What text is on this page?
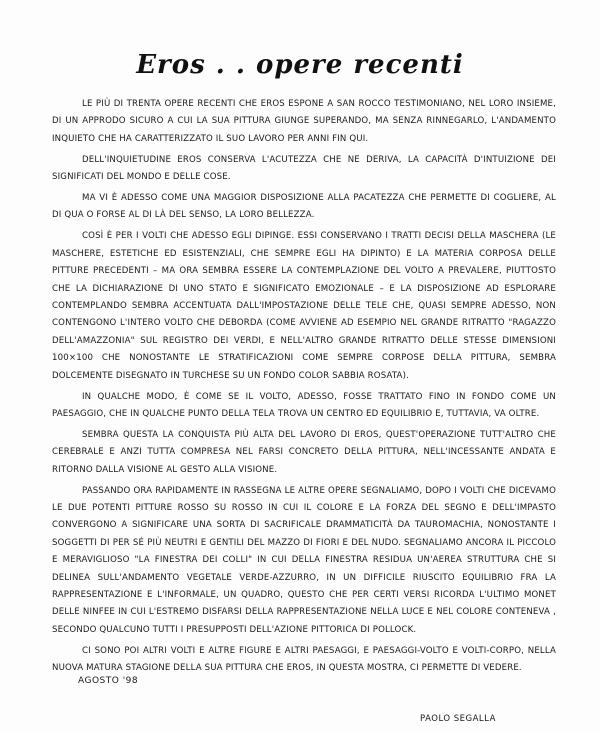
Eros . . opere recenti

LE PIÙ DI TRENTA OPERE RECENTI CHE EROS ESPONE A SAN ROCCO TESTIMONIANO, NEL LORO INSIEME, DI UN APPRODO SICURO A CUI LA SUA PITTURA GIUNGE SUPERANDO, MA SENZA RINNEGARLO, L'ANDAMENTO INQUIETO CHE HA CARATTERIZZATO IL SUO LAVORO PER ANNI FIN QUI.

DELL'INQUIETUDINE EROS CONSERVA L'ACUTEZZA CHE NE DERIVA, LA CAPACITÀ D'INTUIZIONE DEI SIGNIFICATI DEL MONDO E DELLE COSE.

MA VI È ADESSO COME UNA MAGGIOR DISPOSIZIONE ALLA PACATEZZA CHE PERMETTE DI COGLIERE, AL DI QUA O FORSE AL DI LÀ DEL SENSO, LA LORO BELLEZZA.

COSÌ È PER I VOLTI CHE ADESSO EGLI DIPINGE. ESSI CONSERVANO I TRATTI DECISI DELLA MASCHERA (LE MASCHERE, ESTETICHE ED ESISTENZIALI, CHE SEMPRE EGLI HA DIPINTO) E LA MATERIA CORPOSA DELLE PITTURE PRECEDENTI – MA ORA SEMBRA ESSERE LA CONTEMPLAZIONE DEL VOLTO A PREVALERE, PIUTTOSTO CHE LA DICHIARAZIONE DI UNO STATO E SIGNIFICATO EMOZIONALE – E LA DISPOSIZIONE AD ESPLORARE CONTEMPLANDO SEMBRA ACCENTUATA DALL'IMPOSTAZIONE DELLE TELE CHE, QUASI SEMPRE ADESSO, NON CONTENGONO L'INTERO VOLTO CHE DEBORDA (COME AVVIENE AD ESEMPIO NEL GRANDE RITRATTO "RAGAZZO DELL'AMAZZONIA" SUL REGISTRO DEI VERDI, E NELL'ALTRO GRANDE RITRATTO DELLE STESSE DIMENSIONI 100×100 CHE NONOSTANTE LE STRATIFICAZIONI COME SEMPRE CORPOSE DELLA PITTURA, SEMBRA DOLCEMENTE DISEGNATO IN TURCHESE SU UN FONDO COLOR SABBIA ROSATA).

IN QUALCHE MODO, È COME SE IL VOLTO, ADESSO, FOSSE TRATTATO FINO IN FONDO COME UN PAESAGGIO, CHE IN QUALCHE PUNTO DELLA TELA TROVA UN CENTRO ED EQUILIBRIO E, TUTTAVIA, VA OLTRE.

SEMBRA QUESTA LA CONQUISTA PIÙ ALTA DEL LAVORO DI EROS, QUEST'OPERAZIONE TUTT'ALTRO CHE CEREBRALE E ANZI TUTTA COMPRESA NEL FARSI CONCRETO DELLA PITTURA, NELL'INCESSANTE ANDATA E RITORNO DALLA VISIONE AL GESTO ALLA VISIONE.

PASSANDO ORA RAPIDAMENTE IN RASSEGNA LE ALTRE OPERE SEGNALIAMO, DOPO I VOLTI CHE DICEVAMO LE DUE POTENTI PITTURE ROSSO SU ROSSO IN CUI IL COLORE E LA FORZA DEL SEGNO E DELL'IMPASTO CONVERGONO A SIGNIFICARE UNA SORTA DI SACRIFICALE DRAMMATICITÀ DA TAUROMACHIA, NONOSTANTE I SOGGETTI DI PER SÉ PIÙ NEUTRI E GENTILI DEL MAZZO DI FIORI E DEL NUDO. SEGNALIAMO ANCORA IL PICCOLO E MERAVIGLIOSO "LA FINESTRA DEI COLLI" IN CUI DELLA FINESTRA RESIDUA UN'AEREA STRUTTURA CHE SI DELINEA SULL'ANDAMENTO VEGETALE VERDE-AZZURRO, IN UN DIFFICILE RIUSCITO EQUILIBRIO FRA LA RAPPRESENTAZIONE E L'INFORMALE, UN QUADRO, QUESTO CHE PER CERTI VERSI RICORDA L'ULTIMO MONET DELLE NINFEE IN CUI L'ESTREMO DISFARSI DELLA RAPPRESENTAZIONE NELLA LUCE E NEL COLORE CONTENEVA , SECONDO QUALCUNO TUTTI I PRESUPPOSTI DELL'AZIONE PITTORICA DI POLLOCK.

CI SONO POI ALTRI VOLTI E ALTRE FIGURE E ALTRI PAESAGGI, E PAESAGGI-VOLTO E VOLTI-CORPO, NELLA NUOVA MATURA STAGIONE DELLA SUA PITTURA CHE EROS, IN QUESTA MOSTRA, CI PERMETTE DI VEDERE.

AGOSTO '98
PAOLO SEGALLA
